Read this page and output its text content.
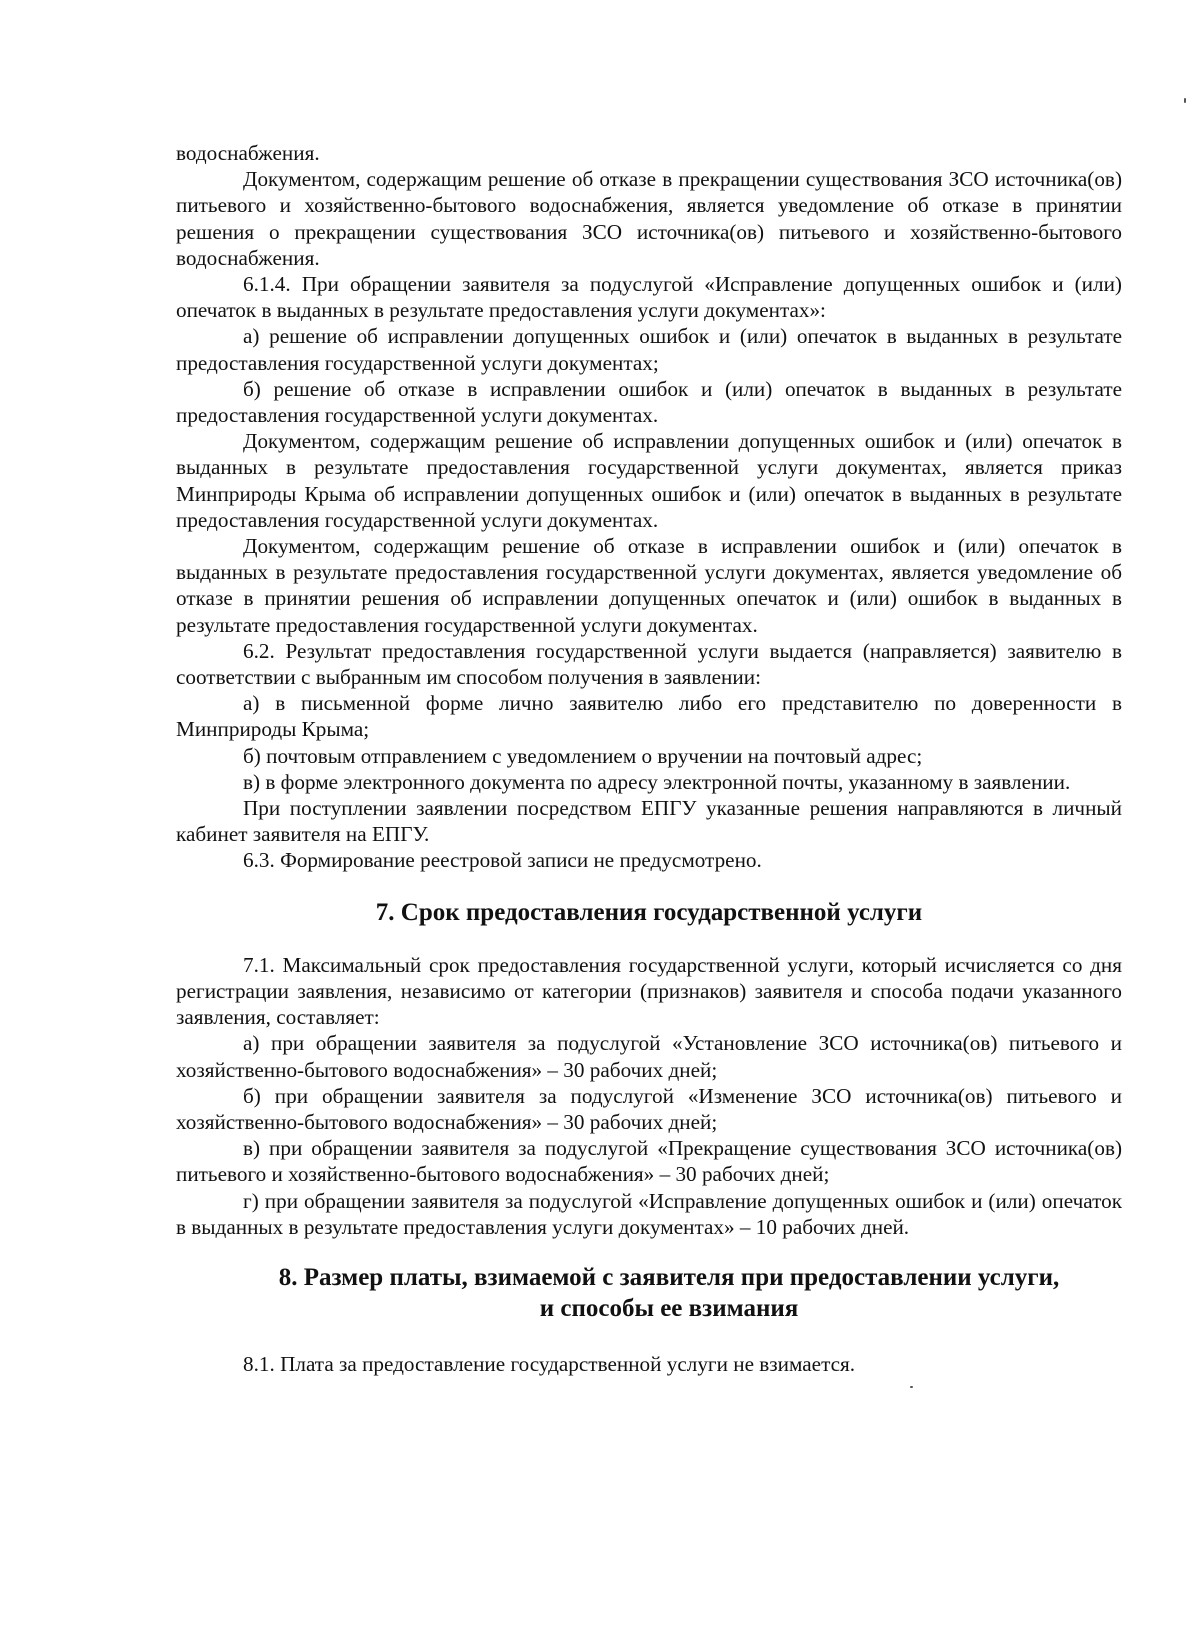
водоснабжения.

Документом, содержащим решение об отказе в прекращении существования ЗСО источника(ов) питьевого и хозяйственно-бытового водоснабжения, является уведомление об отказе в принятии решения о прекращении существования ЗСО источника(ов) питьевого и хозяйственно-бытового водоснабжения.

6.1.4. При обращении заявителя за подуслугой «Исправление допущенных ошибок и (или) опечаток в выданных в результате предоставления услуги документах»:

а) решение об исправлении допущенных ошибок и (или) опечаток в выданных в результате предоставления государственной услуги документах;

б) решение об отказе в исправлении ошибок и (или) опечаток в выданных в результате предоставления государственной услуги документах.

Документом, содержащим решение об исправлении допущенных ошибок и (или) опечаток в выданных в результате предоставления государственной услуги документах, является приказ Минприроды Крыма об исправлении допущенных ошибок и (или) опечаток в выданных в результате предоставления государственной услуги документах.

Документом, содержащим решение об отказе в исправлении ошибок и (или) опечаток в выданных в результате предоставления государственной услуги документах, является уведомление об отказе в принятии решения об исправлении допущенных опечаток и (или) ошибок в выданных в результате предоставления государственной услуги документах.

6.2. Результат предоставления государственной услуги выдается (направляется) заявителю в соответствии с выбранным им способом получения в заявлении:

а) в письменной форме лично заявителю либо его представителю по доверенности в Минприроды Крыма;

б) почтовым отправлением с уведомлением о вручении на почтовый адрес;

в) в форме электронного документа по адресу электронной почты, указанному в заявлении.

При поступлении заявлении посредством ЕПГУ указанные решения направляются в личный кабинет заявителя на ЕПГУ.

6.3. Формирование реестровой записи не предусмотрено.

7. Срок предоставления государственной услуги

7.1. Максимальный срок предоставления государственной услуги, который исчисляется со дня регистрации заявления, независимо от категории (признаков) заявителя и способа подачи указанного заявления, составляет:

а) при обращении заявителя за подуслугой «Установление ЗСО источника(ов) питьевого и хозяйственно-бытового водоснабжения» – 30 рабочих дней;

б) при обращении заявителя за подуслугой «Изменение ЗСО источника(ов) питьевого и хозяйственно-бытового водоснабжения» – 30 рабочих дней;

в) при обращении заявителя за подуслугой «Прекращение существования ЗСО источника(ов) питьевого и хозяйственно-бытового водоснабжения» – 30 рабочих дней;

г) при обращении заявителя за подуслугой «Исправление допущенных ошибок и (или) опечаток в выданных в результате предоставления услуги документах» – 10 рабочих дней.

8. Размер платы, взимаемой с заявителя при предоставлении услуги,
и способы ее взимания

8.1. Плата за предоставление государственной услуги не взимается.
